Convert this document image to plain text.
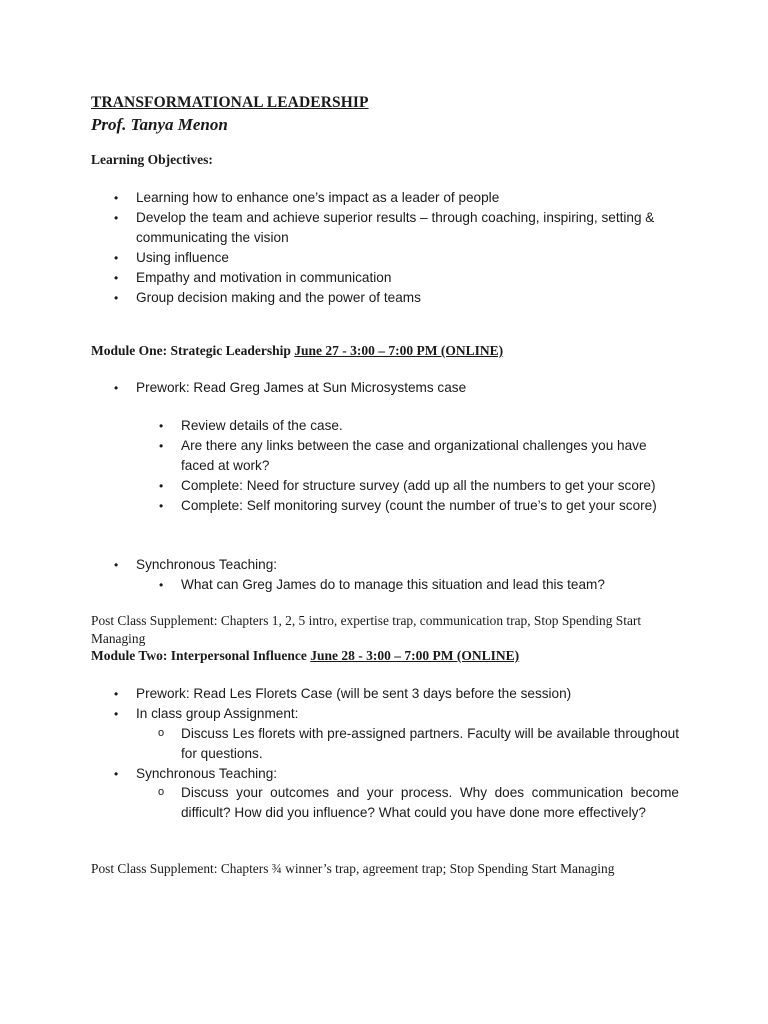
TRANSFORMATIONAL LEADERSHIP
Prof. Tanya Menon
Learning Objectives:
• Learning how to enhance one’s impact as a leader of people
• Develop the team and achieve superior results – through coaching, inspiring, setting & communicating the vision
• Using influence
• Empathy and motivation in communication
• Group decision making and the power of teams
Module One: Strategic Leadership June 27 - 3:00 – 7:00 PM (ONLINE)
• Prework: Read Greg James at Sun Microsystems case
• Review details of the case.
• Are there any links between the case and organizational challenges you have faced at work?
• Complete: Need for structure survey (add up all the numbers to get your score)
• Complete: Self monitoring survey (count the number of true’s to get your score)
• Synchronous Teaching:
• What can Greg James do to manage this situation and lead this team?
Post Class Supplement: Chapters 1, 2, 5 intro, expertise trap, communication trap, Stop Spending Start Managing
Module Two: Interpersonal Influence June 28 - 3:00 – 7:00 PM (ONLINE)
• Prework: Read Les Florets Case (will be sent 3 days before the session)
• In class group Assignment:
o Discuss Les florets with pre-assigned partners. Faculty will be available throughout for questions.
• Synchronous Teaching:
o Discuss your outcomes and your process. Why does communication become difficult? How did you influence? What could you have done more effectively?
Post Class Supplement: Chapters ¾ winner’s trap, agreement trap; Stop Spending Start Managing
